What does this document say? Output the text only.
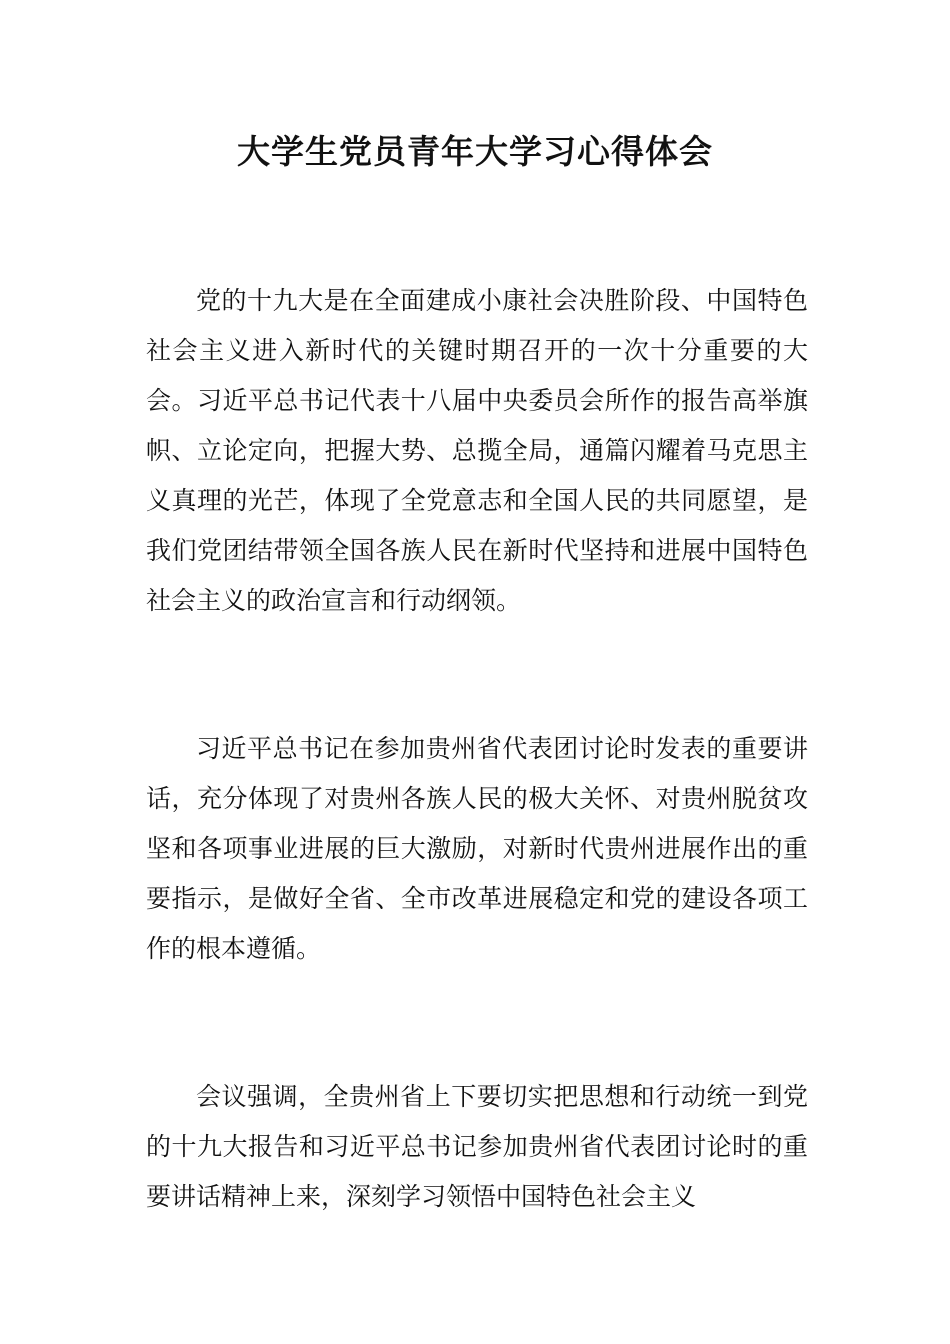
大学生党员青年大学习心得体会

党的十九大是在全面建成小康社会决胜阶段、中国特色社会主义进入新时代的关键时期召开的一次十分重要的大会。习近平总书记代表十八届中央委员会所作的报告高举旗帜、立论定向，把握大势、总揽全局，通篇闪耀着马克思主义真理的光芒，体现了全党意志和全国人民的共同愿望，是我们党团结带领全国各族人民在新时代坚持和进展中国特色社会主义的政治宣言和行动纲领。

习近平总书记在参加贵州省代表团讨论时发表的重要讲话，充分体现了对贵州各族人民的极大关怀、对贵州脱贫攻坚和各项事业进展的巨大激励，对新时代贵州进展作出的重要指示，是做好全省、全市改革进展稳定和党的建设各项工作的根本遵循。

会议强调，全贵州省上下要切实把思想和行动统一到党的十九大报告和习近平总书记参加贵州省代表团讨论时的重要讲话精神上来，深刻学习领悟中国特色社会主义
